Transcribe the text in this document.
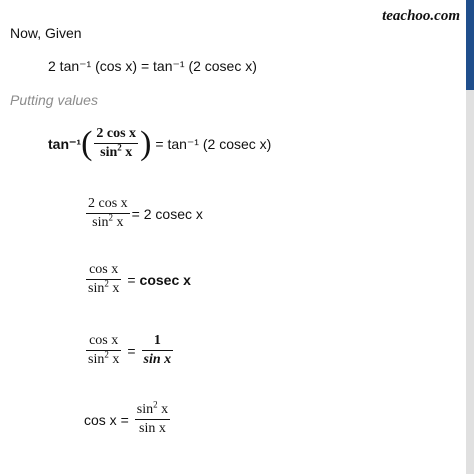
teachoo.com
Now, Given
2 tan⁻¹ (cos x) = tan⁻¹ (2 cosec x)
Putting values
tan⁻¹ ( $\frac{\text{2 cos x}}{\sin^2 x}$ ) = tan⁻¹ (2 cosec x)
$\frac{\text{2 cos x}}{\sin^2 x} = 2$ cosec x
$\frac{\text{cos x}}{\sin^2 x} = cosec$ x
$\frac{\text{cos x}}{\sin^2 x} = \frac{1}{\text{sin x}}$
$\cos x = \frac{\sin^2 x}{\text{sin x}}$
